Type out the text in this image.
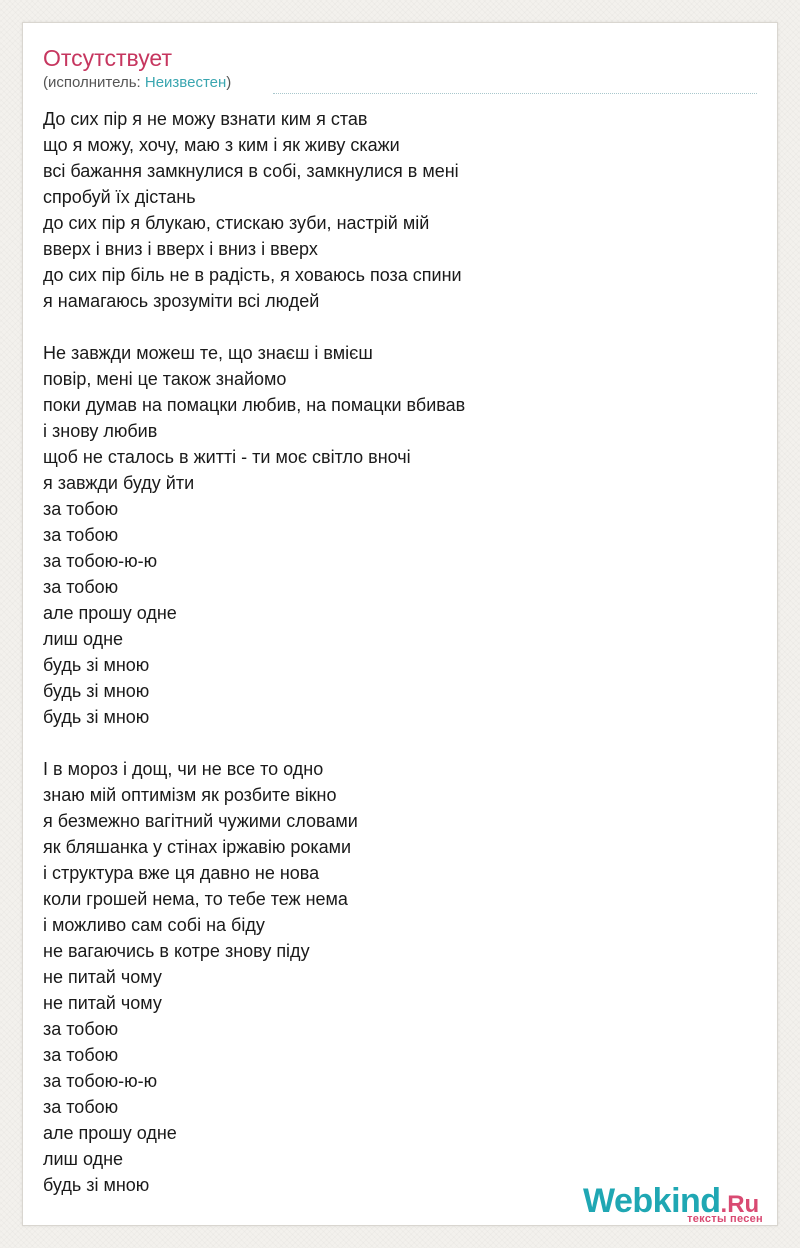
Отсутствует
(исполнитель: Неизвестен)
До сих пір я не можу взнати ким я став
що я можу, хочу, маю з ким і як живу скажи
всі бажання замкнулися в собі, замкнулися в мені
спробуй їх дістань
до сих пір я блукаю, стискаю зуби, настрій мій
вверх і вниз і вверх і вниз і вверх
до сих пір біль не в радість, я ховаюсь поза спини
я намагаюсь зрозуміти всі людей
Не завжди можеш те, що знаєш і вмієш
повір, мені це також знайомо
поки думав на помацки любив, на помацки вбивав
і знову любив
щоб не сталось в житті - ти моє світло вночі
я завжди буду йти
за тобою
за тобою
за тобою-ю-ю
за тобою
але прошу одне
лиш одне
будь зі мною
будь зі мною
будь зі мною
І в мороз і дощ, чи не все то одно
знаю мій оптимізм як розбите вікно
я безмежно вагітний чужими словами
як бляшанка у стінах іржавію роками
і структура вже ця давно не нова
коли грошей нема, то тебе теж нема
і можливо сам собі на біду
не вагаючись в котре знову піду
не питай чому
не питай чому
за тобою
за тобою
за тобою-ю-ю
за тобою
але прошу одне
лиш одне
будь зі мною	Webkind.Ru
тексты песен
